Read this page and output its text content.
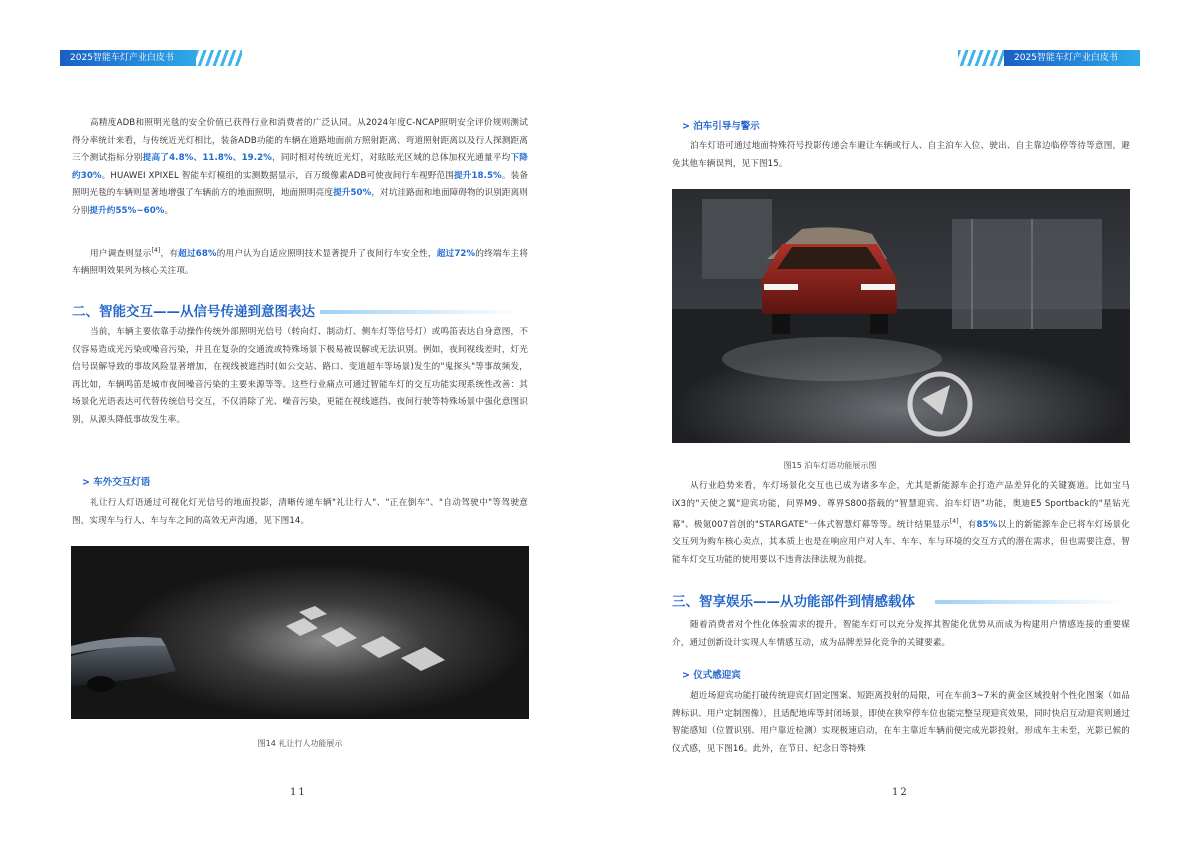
2025智能车灯产业白皮书
高精度ADB和照明光毯的安全价值已获得行业和消费者的广泛认同。从2024年度C-NCAP照明安全评价规则测试得分率统计来看，与传统近光灯相比，装备ADB功能的车辆在道路地面前方照射距离、弯道照射距离以及行人探测距离三个测试指标分别提高了4.8%、11.8%、19.2%，同时相对传统近光灯，对眩眩光区域的总体加权光通量平均下降约30%。HUAWEI XPIXEL 智能车灯模组的实测数据显示，百万级像素ADB可使夜间行车视野范围提升18.5%。装备照明光毯的车辆则显著地增强了车辆前方的地面照明，地面照明亮度提升50%，对坑洼路面和地面障碍物的识别距离则分别提升约55%~60%。
用户调查则显示[4]，有超过68%的用户认为自适应照明技术显著提升了夜间行车安全性，超过72%的终端车主将车辆照明效果列为核心关注项。
二、智能交互——从信号传递到意图表达
当前，车辆主要依靠手动操作传统外部照明光信号（转向灯、制动灯、侧车灯等信号灯）或鸣笛表达自身意图，不仅容易造成光污染或噪音污染，并且在复杂的交通流或特殊场景下极易被误解或无法识别。例如，夜间视线差时，灯光信号误解导致的事故风险显著增加，在视线被遮挡时(如公交站、路口、变道超车等场景)发生的"鬼探头"等事故频发，再比如，车辆鸣笛是城市夜间噪音污染的主要来源等等。这些行业痛点可通过智能车灯的交互功能实现系统性改善：其场景化光语表达可代替传统信号交互，不仅消除了光、噪音污染，更能在视线遮挡、夜间行驶等特殊场景中强化意图识别，从源头降低事故发生率。
> 车外交互灯语
礼让行人灯语通过可视化灯光信号的地面投影，清晰传递车辆"礼让行人"、"正在倒车"、"自动驾驶中"等驾驶意图，实现车与行人、车与车之间的高效无声沟通，见下图14。
图14 礼让行人功能展示
11
2025智能车灯产业白皮书
> 泊车引导与警示
泊车灯语可通过地面特殊符号投影传递会车避让车辆或行人、自主泊车入位、驶出、自主靠边临停等待等意图，避免其他车辆误判，见下图15。
图15 泊车灯语功能展示图
从行业趋势来看，车灯场景化交互也已成为诸多车企，尤其是新能源车企打造产品差异化的关键赛道。比如宝马iX3的"天使之翼"迎宾功能，问界M9、尊界S800搭载的"智慧迎宾、泊车灯语"功能，奥迪E5 Sportback的"星钻光幕"、极氪007首创的"STARGATE"一体式智慧灯幕等等。统计结果显示[4]，有85%以上的新能源车企已将车灯场景化交互列为购车核心卖点，其本质上也是在响应用户对人车、车车、车与环境的交互方式的潜在需求，但也需要注意，智能车灯交互功能的使用要以不违背法律法规为前提。
三、智享娱乐——从功能部件到情感载体
随着消费者对个性化体验需求的提升，智能车灯可以充分发挥其智能化优势从而成为构建用户情感连接的重要媒介，通过创新设计实现人车情感互动，成为品牌差异化竞争的关键要素。
> 仪式感迎宾
超近场迎宾功能打破传统迎宾灯固定图案、短距离投射的局限，可在车前3~7米的黄金区域投射个性化图案（如品牌标识、用户定制图像），且适配地库等封闭场景，即使在狭窄停车位也能完整呈现迎宾效果，同时快启互动迎宾则通过智能感知（位置识别、用户靠近检测）实现极速启动，在车主靠近车辆前便完成光影投射，形成车主未至，光影已候的仪式感，见下图16。此外，在节日、纪念日等特殊
12
